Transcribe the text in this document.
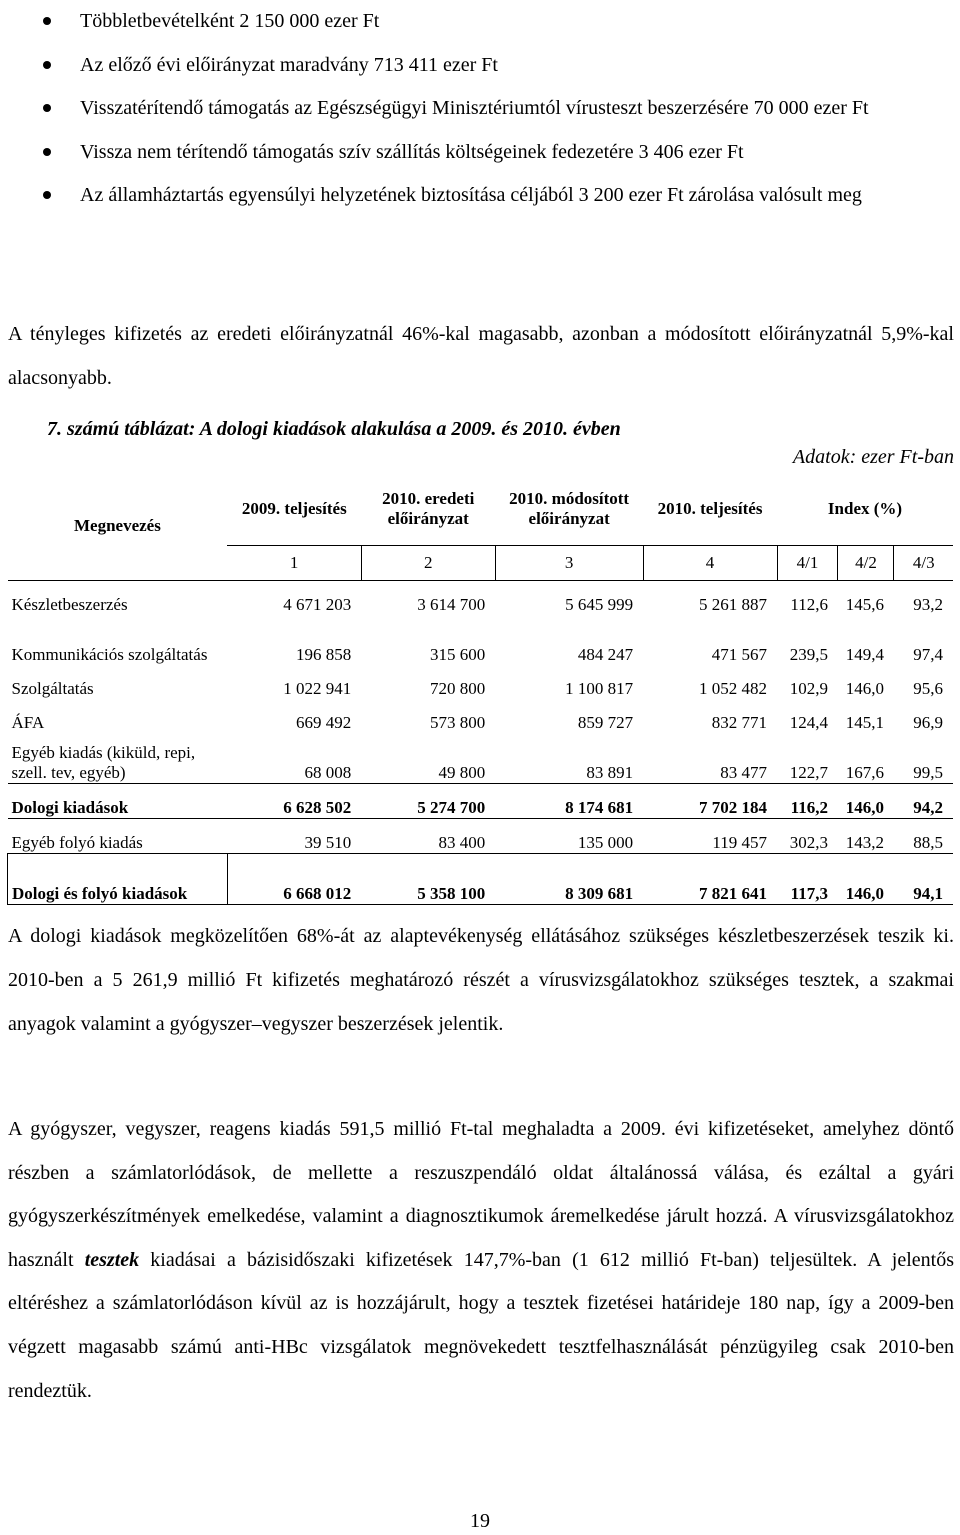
Többletbevételként 2 150 000 ezer Ft
Az előző évi előirányzat maradvány 713 411 ezer Ft
Visszatérítendő támogatás az Egészségügyi Minisztériumtól vírusteszt beszerzésére 70 000 ezer Ft
Vissza nem térítendő támogatás szív szállítás költségeinek fedezetére 3 406 ezer Ft
Az államháztartás egyensúlyi helyzetének biztosítása céljából 3 200 ezer Ft zárolása valósult meg

A tényleges kifizetés az eredeti előirányzatnál 46%-kal magasabb, azonban a módosított előirányzatnál 5,9%-kal alacsonyabb.

7. számú táblázat: A dologi kiadások alakulása a 2009. és 2010. évben

Adatok: ezer Ft-ban

Megnevezés	2009. teljesítés	2010. eredeti előirányzat	2010. módosított előirányzat	2010. teljesítés	Index (%)		
	1	2	3	4	4/1	4/2	4/3
Készletbeszerzés	4 671 203	3 614 700	5 645 999	5 261 887	112,6	145,6	93,2
Kommunikációs szolgáltatás	196 858	315 600	484 247	471 567	239,5	149,4	97,4
Szolgáltatás	1 022 941	720 800	1 100 817	1 052 482	102,9	146,0	95,6
ÁFA	669 492	573 800	859 727	832 771	124,4	145,1	96,9
Egyéb kiadás (kiküld, repi, szell. tev, egyéb)	68 008	49 800	83 891	83 477	122,7	167,6	99,5
Dologi kiadások	6 628 502	5 274 700	8 174 681	7 702 184	116,2	146,0	94,2
Egyéb folyó kiadás	39 510	83 400	135 000	119 457	302,3	143,2	88,5
Dologi és folyó kiadások	6 668 012	5 358 100	8 309 681	7 821 641	117,3	146,0	94,1

A dologi kiadások megközelítően 68%-át az alaptevékenység ellátásához szükséges készletbeszerzések teszik ki. 2010-ben a 5 261,9 millió Ft kifizetés meghatározó részét a vírusvizsgálatokhoz szükséges tesztek, a szakmai anyagok valamint a gyógyszer–vegyszer beszerzések jelentik.

A gyógyszer, vegyszer, reagens kiadás 591,5 millió Ft-tal meghaladta a 2009. évi kifizetéseket, amelyhez döntő részben a számlatorlódások, de mellette a reszuszpendáló oldat általánossá válása, és ezáltal a gyári gyógyszerkészítmények emelkedése, valamint a diagnosztikumok áremelkedése járult hozzá. A vírusvizsgálatokhoz használt tesztek kiadásai a bázisidőszaki kifizetések 147,7%-ban (1 612 millió Ft-ban) teljesültek. A jelentős eltéréshez a számlatorlódáson kívül az is hozzájárult, hogy a tesztek fizetései határideje 180 nap, így a 2009-ben végzett magasabb számú anti-HBc vizsgálatok megnövekedett tesztfelhasználását pénzügyileg csak 2010-ben rendeztük.

19
